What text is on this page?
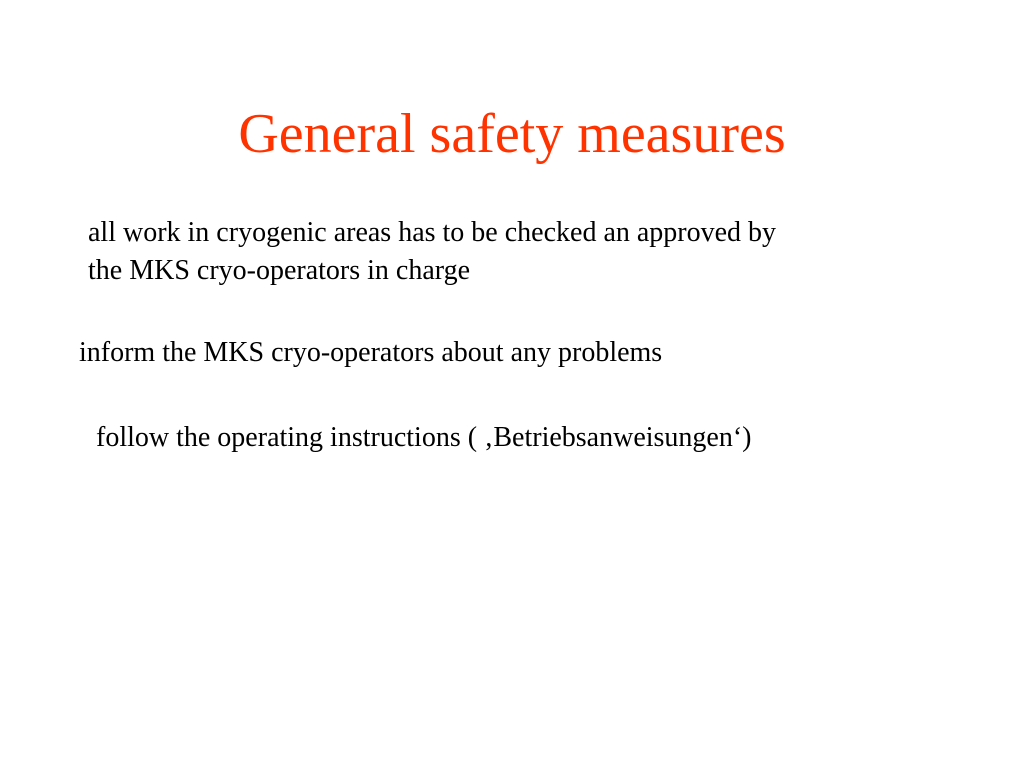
General safety measures
all work in cryogenic areas has to be checked an approved by
the MKS cryo-operators in charge
inform the MKS cryo-operators about any problems
follow the operating instructions ( ‚Betriebsanweisungen‘)
